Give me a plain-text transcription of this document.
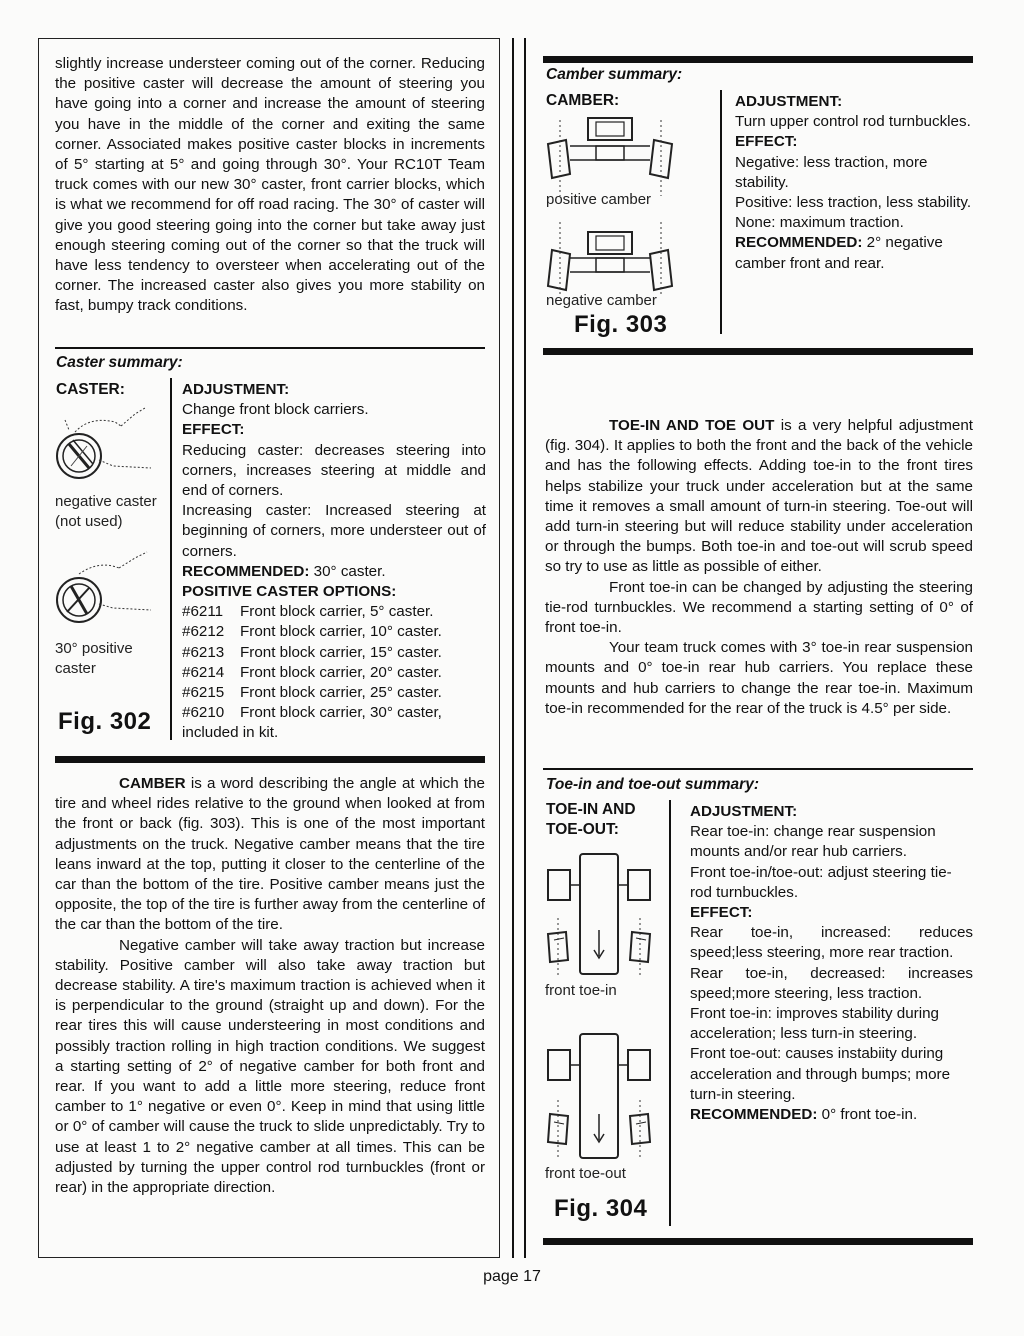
slightly increase understeer coming out of the corner. Reducing the positive caster will decrease the amount of steering you have going into a corner and increase the amount of steering you have in the middle of the corner and exiting the same corner. Associated makes positive caster blocks in increments of 5° starting at 5° and going through 30°. Your RC10T Team truck comes with our new 30° caster, front carrier blocks, which is what we recommend for off road racing. The 30° of caster will give you good steering going into the corner but take away just enough steering coming out of the corner so that the truck will have less tendency to oversteer when accelerating out of the corner. The increased caster also gives you more stability on fast, bumpy track conditions.

Caster summary:
CASTER:
negative caster (not used)
30° positive caster
Fig. 302
ADJUSTMENT:
Change front block carriers.
EFFECT:
Reducing caster: decreases steering into corners, increases steering at middle and end of corners.
Increasing caster: Increased steering at beginning of corners, more understeer out of corners.
RECOMMENDED: 30° caster.
POSITIVE CASTER OPTIONS:
#6211 Front block carrier, 5° caster.
#6212 Front block carrier, 10° caster.
#6213 Front block carrier, 15° caster.
#6214 Front block carrier, 20° caster.
#6215 Front block carrier, 25° caster.
#6210 Front block carrier, 30° caster,
included in kit.

CAMBER is a word describing the angle at which the tire and wheel rides relative to the ground when looked at from the front or back (fig. 303). This is one of the most important adjustments on the truck. Negative camber means that the tire leans inward at the top, putting it closer to the centerline of the car than the bottom of the tire. Positive camber means just the opposite, the top of the tire is further away from the centerline of the car than the bottom of the tire.

Negative camber will take away traction but increase stability. Positive camber will also take away traction but decrease stability. A tire's maximum traction is achieved when it is perpendicular to the ground (straight up and down). For the rear tires this will cause understeering in most conditions and possibly traction rolling in high traction conditions. We suggest a starting setting of 2° of negative camber for both front and rear. If you want to add a little more steering, reduce front camber to 1° negative or even 0°. Keep in mind that using little or 0° of camber will cause the truck to slide unpredictably. Try to use at least 1 to 2° negative camber at all times. This can be adjusted by turning the upper control rod turnbuckles (front or rear) in the appropriate direction.

Camber summary:
CAMBER:
positive camber
negative camber
Fig. 303
ADJUSTMENT:
Turn upper control rod turnbuckles.
EFFECT:
Negative: less traction, more stability.
Positive: less traction, less stability.
None: maximum traction.
RECOMMENDED: 2° negative camber front and rear.

TOE-IN AND TOE OUT is a very helpful adjustment (fig. 304). It applies to both the front and the back of the vehicle and has the following effects. Adding toe-in to the front tires helps stabilize your truck under acceleration but at the same time it removes a small amount of turn-in steering. Toe-out will add turn-in steering but will reduce stability under acceleration or through the bumps. Both toe-in and toe-out will scrub speed so try to use as little as possible of either.

Front toe-in can be changed by adjusting the steering tie-rod turnbuckles. We recommend a starting setting of 0° of front toe-in.

Your team truck comes with 3° toe-in rear suspension mounts and 0° toe-in rear hub carriers. You replace these mounts and hub carriers to change the rear toe-in. Maximum toe-in recommended for the rear of the truck is 4.5° per side.

Toe-in and toe-out summary:
TOE-IN AND
TOE-OUT:
front toe-in
front toe-out
Fig. 304
ADJUSTMENT:
Rear toe-in: change rear suspension mounts and/or rear hub carriers.
Front toe-in/toe-out: adjust steering tie-rod turnbuckles.
EFFECT:
Rear toe-in, increased: reduces speed;less steering, more rear traction.
Rear toe-in, decreased: increases speed;more steering, less traction.
Front toe-in: improves stability during acceleration; less turn-in steering.
Front toe-out: causes instabiity during acceleration and through bumps; more turn-in steering.
RECOMMENDED: 0° front toe-in.
page 17
